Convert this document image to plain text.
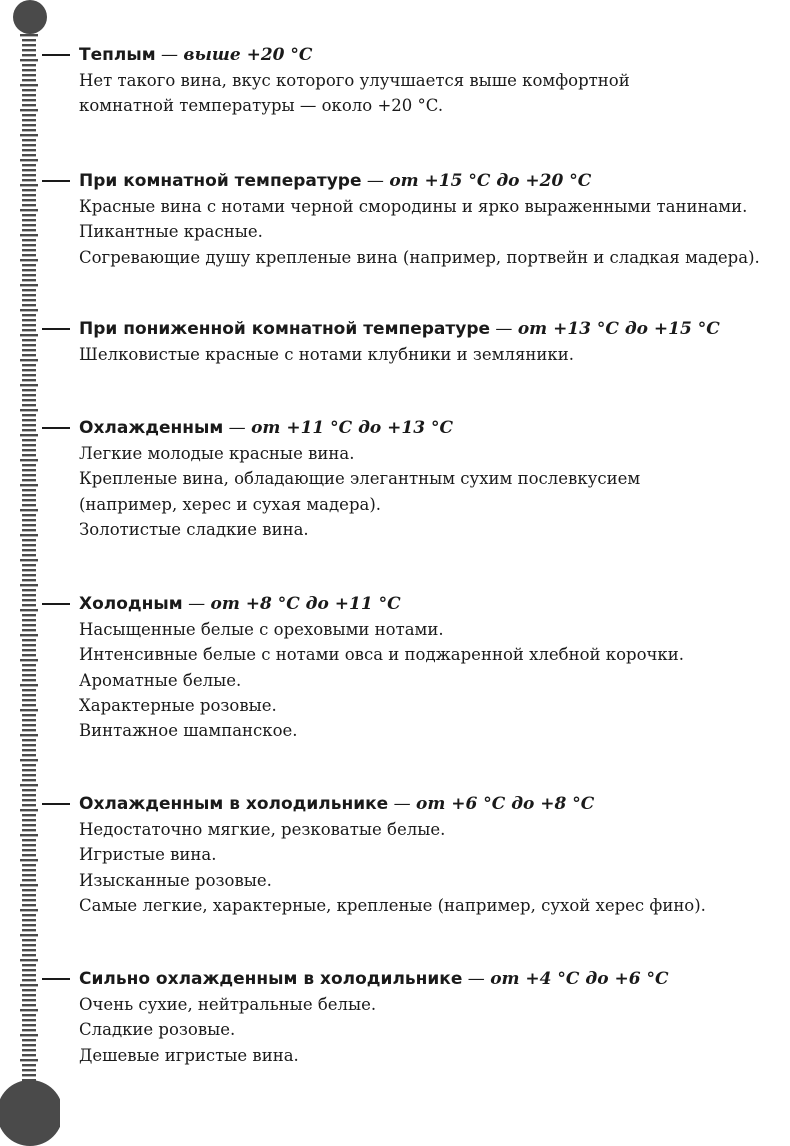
Теплым — выше +20 °C
Нет такого вина, вкус которого улучшается выше комфортной
комнатной температуры — около +20 °C.
При комнатной температуре — от +15 °C до +20 °C
Красные вина с нотами черной смородины и ярко выраженными танинами.
Пикантные красные.
Согревающие душу крепленые вина (например, портвейн и сладкая мадера).
При пониженной комнатной температуре — от +13 °C до +15 °C
Шелковистые красные с нотами клубники и земляники.
Охлажденным — от +11 °C до +13 °C
Легкие молодые красные вина.
Крепленые вина, обладающие элегантным сухим послевкусием
(например, херес и сухая мадера).
Золотистые сладкие вина.
Холодным — от +8 °C до +11 °C
Насыщенные белые с ореховыми нотами.
Интенсивные белые с нотами овса и поджаренной хлебной корочки.
Ароматные белые.
Характерные розовые.
Винтажное шампанское.
Охлажденным в холодильнике — от +6 °C до +8 °C
Недостаточно мягкие, резковатые белые.
Игристые вина.
Изысканные розовые.
Самые легкие, характерные, крепленые (например, сухой херес фино).
Сильно охлажденным в холодильнике — от +4 °C до +6 °C
Очень сухие, нейтральные белые.
Сладкие розовые.
Дешевые игристые вина.
